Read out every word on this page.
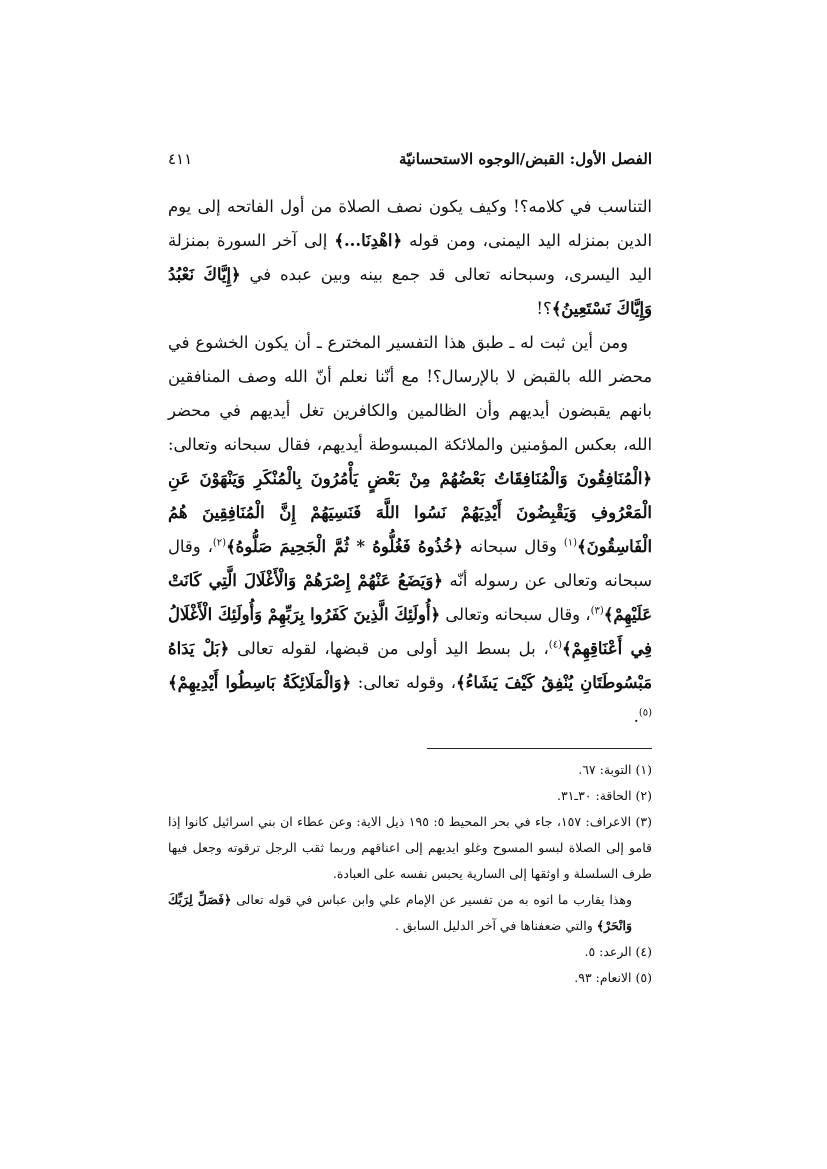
الفصل الأول: القبض/الوجوه الاستحسانيّة
٤١١

التناسب في كلامه؟! وكيف يكون نصف الصلاة من أول الفاتحه إلى يوم الدين بمنزله اليد اليمنى، ومن قوله ﴿اهْدِنَا...﴾ إلى آخر السورة بمنزلة اليد اليسرى، وسبحانه تعالى قد جمع بينه وبين عبده في ﴿إِيَّاكَ نَعْبُدُ وَإِيَّاكَ نَسْتَعِينُ﴾؟!

ومن أين ثبت له ـ طبق هذا التفسير المخترع ـ أن يكون الخشوع في محضر الله بالقبض لا بالإرسال؟! مع أنّنا نعلم أنّ الله وصف المنافقين بانهم يقبضون أيديهم وأن الظالمين والكافرين تغل أيديهم في محضر الله، بعكس المؤمنين والملائكة المبسوطة أيديهم، فقال سبحانه وتعالى:﴿الْمُنَافِقُونَ وَالْمُنَافِقَاتُ بَعْضُهُمْ مِنْ بَعْضٍ يَأْمُرُونَ بِالْمُنْكَرِ وَيَنْهَوْنَ عَنِ الْمَعْرُوفِ وَيَقْبِضُونَ أَيْدِيَهُمْ نَسُوا اللَّهَ فَنَسِيَهُمْ إِنَّ الْمُنَافِقِينَ هُمُ الْفَاسِقُونَ﴾$^{(١)}$ وقال سبحانه ﴿خُذُوهُ فَغُلُّوهُ * ثُمَّ الْجَحِيمَ صَلُّوهُ﴾$^{(٢)}$، وقال سبحانه وتعالى عن رسوله أنّه ﴿وَيَضَعُ عَنْهُمْ إِصْرَهُمْ وَالْأَغْلَالَ الَّتِي كَانَتْ عَلَيْهِمْ﴾$^{(٣)}$، وقال سبحانه وتعالى ﴿أُولَئِكَ الَّذِينَ كَفَرُوا بِرَبِّهِمْ وَأُولَئِكَ الْأَغْلَالُ فِي أَعْنَاقِهِمْ﴾$^{(٤)}$، بل بسط اليد أولى من قبضها، لقوله تعالى ﴿بَلْ يَدَاهُ مَبْسُوطَتَانِ يُنْفِقُ كَيْفَ يَشَاءُ﴾، وقوله تعالى: ﴿وَالْمَلَائِكَةُ بَاسِطُوا أَيْدِيهِمْ﴾$^{(٥)}$.

(١) التوبة: ٦٧.

(٢) الحاقة: ٣٠ـ٣١.

(٣) الاعراف: ١٥٧، جاء في بحر المحيط ٥: ١٩٥ ذيل الاية: وعن عطاء ان بني اسرائيل كانوا إذا قامو إلى الصلاة لبسو المسوح وغلو ايديهم إلى اعناقهم وربما ثقب الرجل ترقوته وجعل فيها طرف السلسلة و اوثقها إلى السارية يحبس نفسه على العبادة.

وهذا يقارب ما اتوه به من تفسير عن الإمام علي وابن عباس في قوله تعالى ﴿فَصَلِّ لِرَبِّكَ وَانْحَرْ﴾ والتي ضعفناها في آخر الدليل السابق .

(٤) الرعد: ٥.

(٥) الانعام: ٩٣.
